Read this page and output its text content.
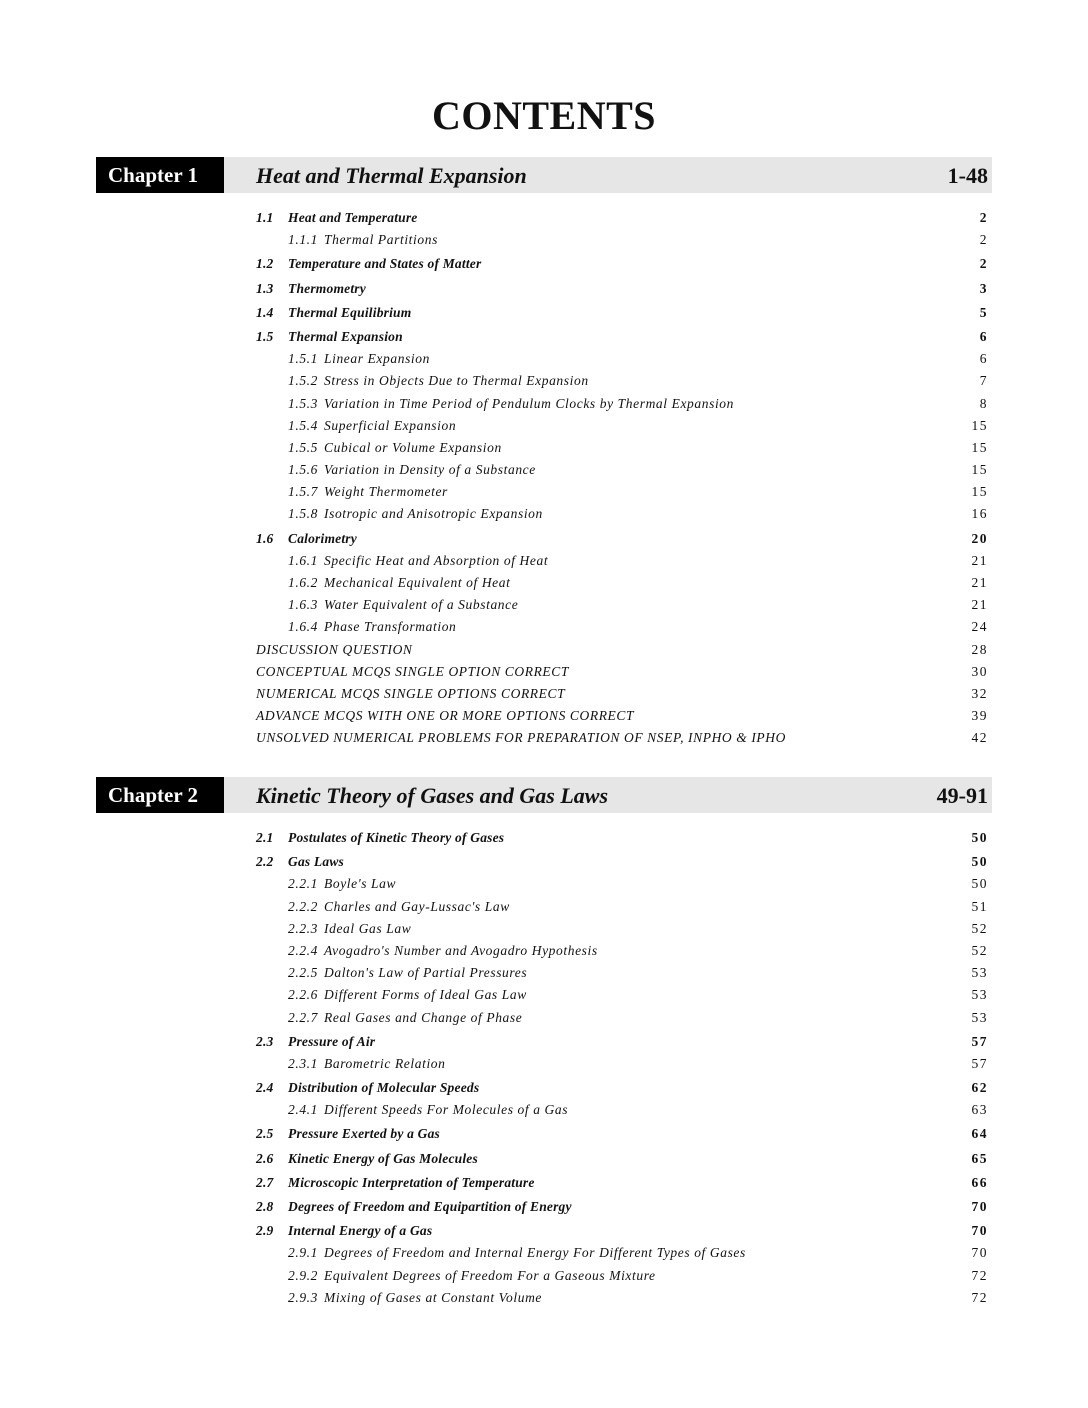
CONTENTS
Chapter 1	Heat and Thermal Expansion	1-48
1.1 Heat and Temperature	2
1.1.1 Thermal Partitions	2
1.2 Temperature and States of Matter	2
1.3 Thermometry	3
1.4 Thermal Equilibrium	5
1.5 Thermal Expansion	6
1.5.1 Linear Expansion	6
1.5.2 Stress in Objects Due to Thermal Expansion	7
1.5.3 Variation in Time Period of Pendulum Clocks by Thermal Expansion	8
1.5.4 Superficial Expansion	15
1.5.5 Cubical or Volume Expansion	15
1.5.6 Variation in Density of a Substance	15
1.5.7 Weight Thermometer	15
1.5.8 Isotropic and Anisotropic Expansion	16
1.6 Calorimetry	20
1.6.1 Specific Heat and Absorption of Heat	21
1.6.2 Mechanical Equivalent of Heat	21
1.6.3 Water Equivalent of a Substance	21
1.6.4 Phase Transformation	24
DISCUSSION QUESTION	28
CONCEPTUAL MCQS SINGLE OPTION CORRECT	30
NUMERICAL MCQS SINGLE OPTIONS CORRECT	32
ADVANCE MCQS WITH ONE OR MORE OPTIONS CORRECT	39
UNSOLVED NUMERICAL PROBLEMS FOR PREPARATION OF NSEP, INPHO & IPHO	42
Chapter 2	Kinetic Theory of Gases and Gas Laws	49-91
2.1 Postulates of Kinetic Theory of Gases	50
2.2 Gas Laws	50
2.2.1 Boyle's Law	50
2.2.2 Charles and Gay-Lussac's Law	51
2.2.3 Ideal Gas Law	52
2.2.4 Avogadro's Number and Avogadro Hypothesis	52
2.2.5 Dalton's Law of Partial Pressures	53
2.2.6 Different Forms of Ideal Gas Law	53
2.2.7 Real Gases and Change of Phase	53
2.3 Pressure of Air	57
2.3.1 Barometric Relation	57
2.4 Distribution of Molecular Speeds	62
2.4.1 Different Speeds For Molecules of a Gas	63
2.5 Pressure Exerted by a Gas	64
2.6 Kinetic Energy of Gas Molecules	65
2.7 Microscopic Interpretation of Temperature	66
2.8 Degrees of Freedom and Equipartition of Energy	70
2.9 Internal Energy of a Gas	70
2.9.1 Degrees of Freedom and Internal Energy For Different Types of Gases	70
2.9.2 Equivalent Degrees of Freedom For a Gaseous Mixture	72
2.9.3 Mixing of Gases at Constant Volume	72
